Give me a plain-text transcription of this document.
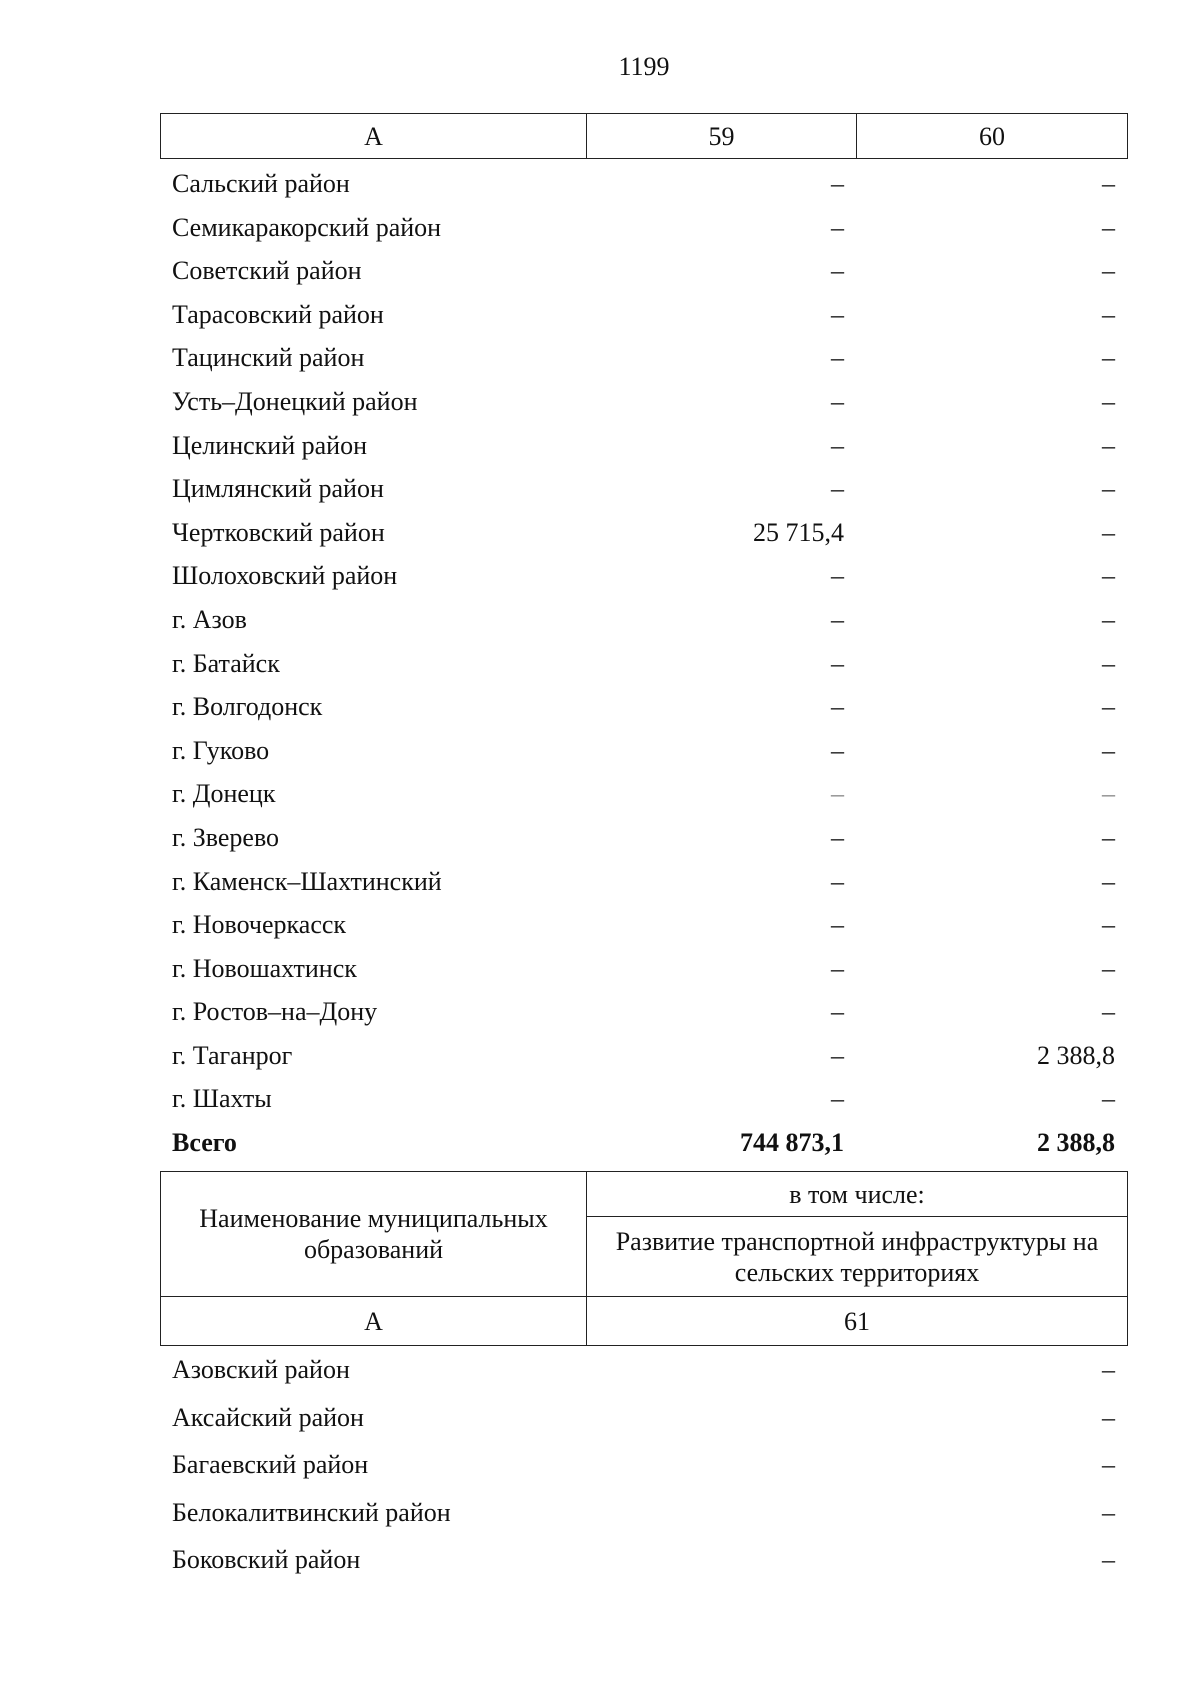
1199
А	59	60
Сальский район	–	–
Семикаракорский район	–	–
Советский район	–	–
Тарасовский район	–	–
Тацинский район	–	–
Усть–Донецкий район	–	–
Целинский район	–	–
Цимлянский район	–	–
Чертковский район	25 715,4	–
Шолоховский район	–	–
г. Азов	–	–
г. Батайск	–	–
г. Волгодонск	–	–
г. Гуково	–	–
г. Донецк	–	–
г. Зверево	–	–
г. Каменск–Шахтинский	–	–
г. Новочеркасск	–	–
г. Новошахтинск	–	–
г. Ростов–на–Дону	–	–
г. Таганрог	–	2 388,8
г. Шахты	–	–
Всего	744 873,1	2 388,8
Наименование муниципальных образований	в том числе:
	Развитие транспортной инфраструктуры на сельских территориях
А	61
Азовский район	–
Аксайский район	–
Багаевский район	–
Белокалитвинский район	–
Боковский район	–
